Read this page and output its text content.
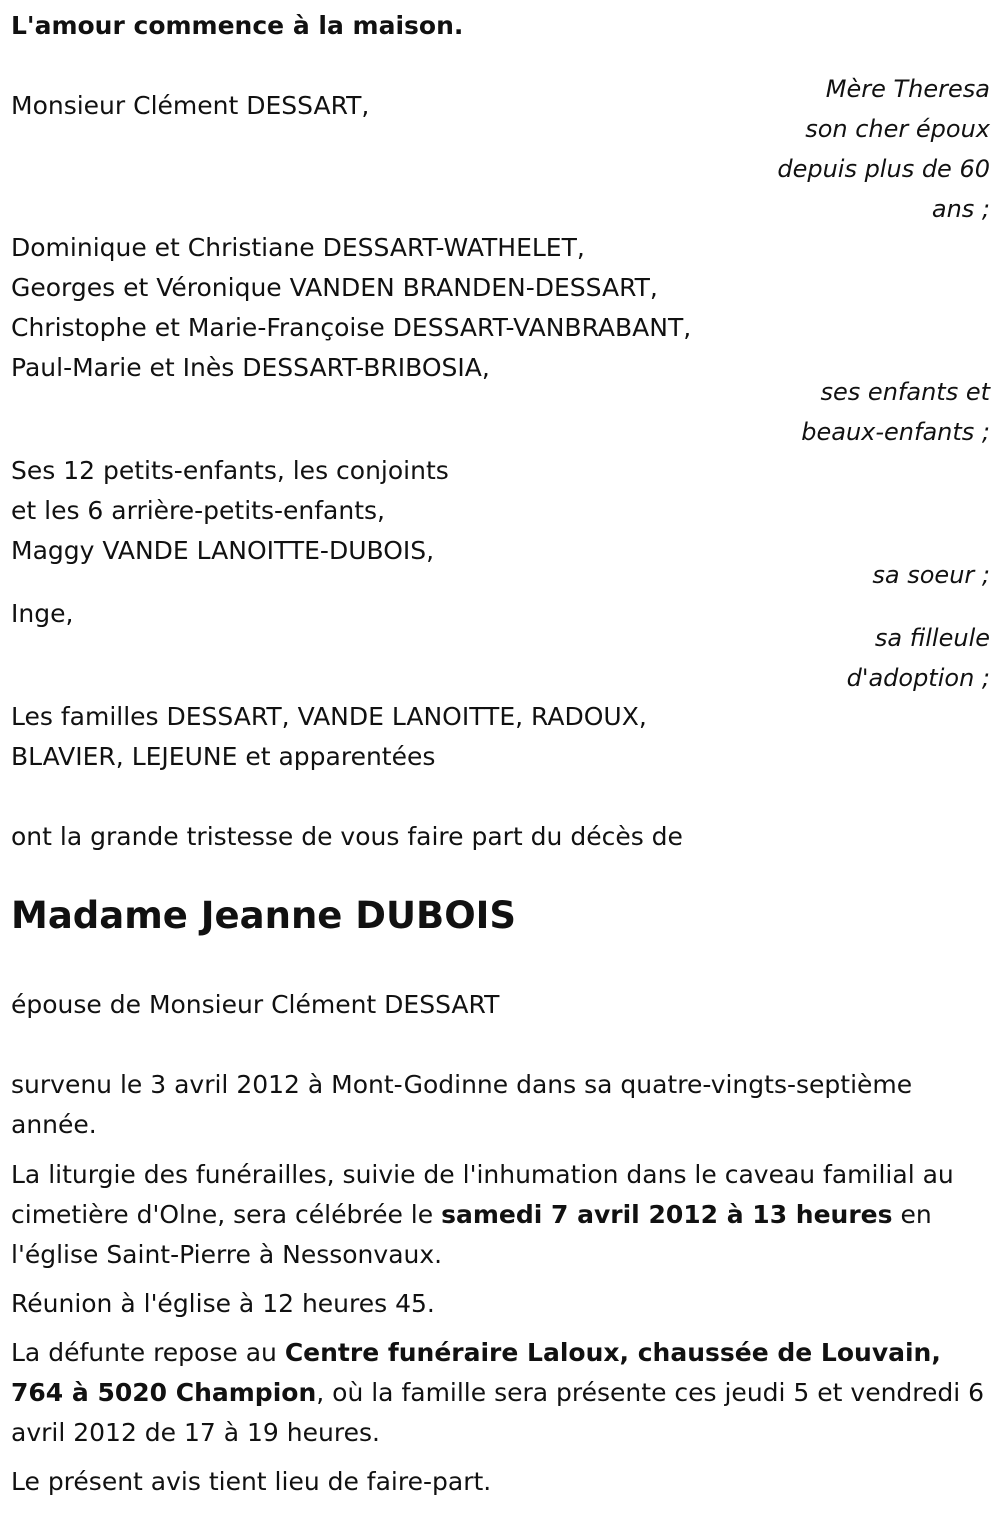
L'amour commence à la maison.
Monsieur Clément DESSART,
Mère Theresa
son cher époux
depuis plus de 60
ans ;
Dominique et Christiane DESSART-WATHELET,
Georges et Véronique VANDEN BRANDEN-DESSART,
Christophe et Marie-Françoise DESSART-VANBRABANT,
Paul-Marie et Inès DESSART-BRIBOSIA,
ses enfants et
beaux-enfants ;
Ses 12 petits-enfants, les conjoints
et les 6 arrière-petits-enfants,
Maggy VANDE LANOITTE-DUBOIS,
sa soeur ;
Inge,
sa filleule
d'adoption ;
Les familles DESSART, VANDE LANOITTE, RADOUX,
BLAVIER, LEJEUNE et apparentées
ont la grande tristesse de vous faire part du décès de
Madame Jeanne DUBOIS
épouse de Monsieur Clément DESSART
survenu le 3 avril 2012 à Mont-Godinne dans sa quatre-vingts-septième année.
La liturgie des funérailles, suivie de l'inhumation dans le caveau familial au cimetière d'Olne, sera célébrée le samedi 7 avril 2012 à 13 heures en l'église Saint-Pierre à Nessonvaux.
Réunion à l'église à 12 heures 45.
La défunte repose au Centre funéraire Laloux, chaussée de Louvain, 764 à 5020 Champion, où la famille sera présente ces jeudi 5 et vendredi 6 avril 2012 de 17 à 19 heures.
Le présent avis tient lieu de faire-part.
